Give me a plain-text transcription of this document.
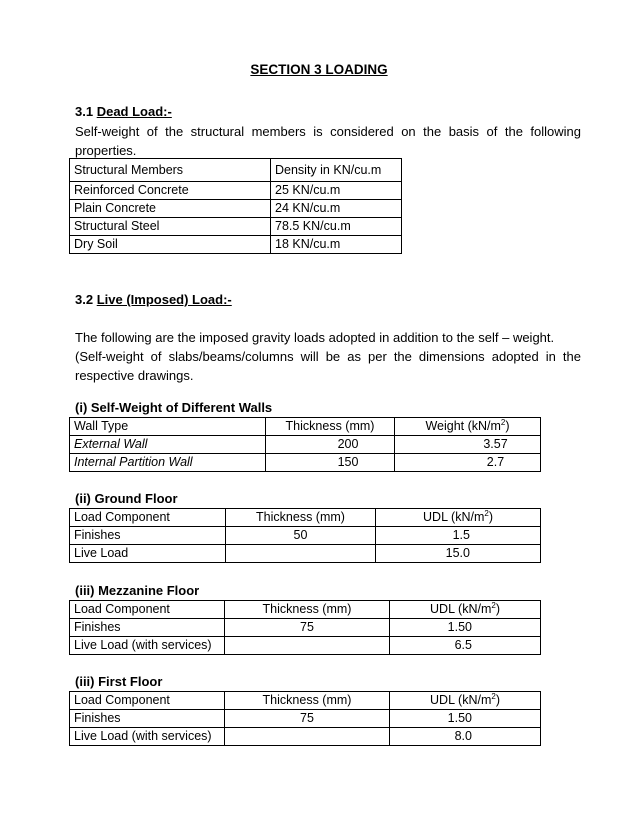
SECTION 3 LOADING
3.1 Dead Load:-
Self-weight of the structural members is considered on the basis of the following properties.
Structural Members	Density in KN/cu.m
Reinforced Concrete	25 KN/cu.m
Plain Concrete	24 KN/cu.m
Structural Steel	78.5 KN/cu.m
Dry Soil	18 KN/cu.m
3.2 Live (Imposed) Load:-
The following are the imposed gravity loads adopted in addition to the self – weight.
(Self-weight of slabs/beams/columns will be as per the dimensions adopted in the respective drawings.
(i) Self-Weight of Different Walls
Wall Type	Thickness (mm)	Weight $(kN/m^2)$
External Wall	200	3.57
Internal Partition Wall	150	2.7
(ii) Ground Floor
Load Component	Thickness (mm)	UDL $(kN/m^2)$
Finishes	50	1.5
Live Load		15.0
(iii) Mezzanine Floor
Load Component	Thickness (mm)	UDL $(kN/m^2)$
Finishes	75	1.50
Live Load (with services)		6.5
(iii) First Floor
Load Component	Thickness (mm)	UDL $(kN/m^2)$
Finishes	75	1.50
Live Load (with services)		8.0
